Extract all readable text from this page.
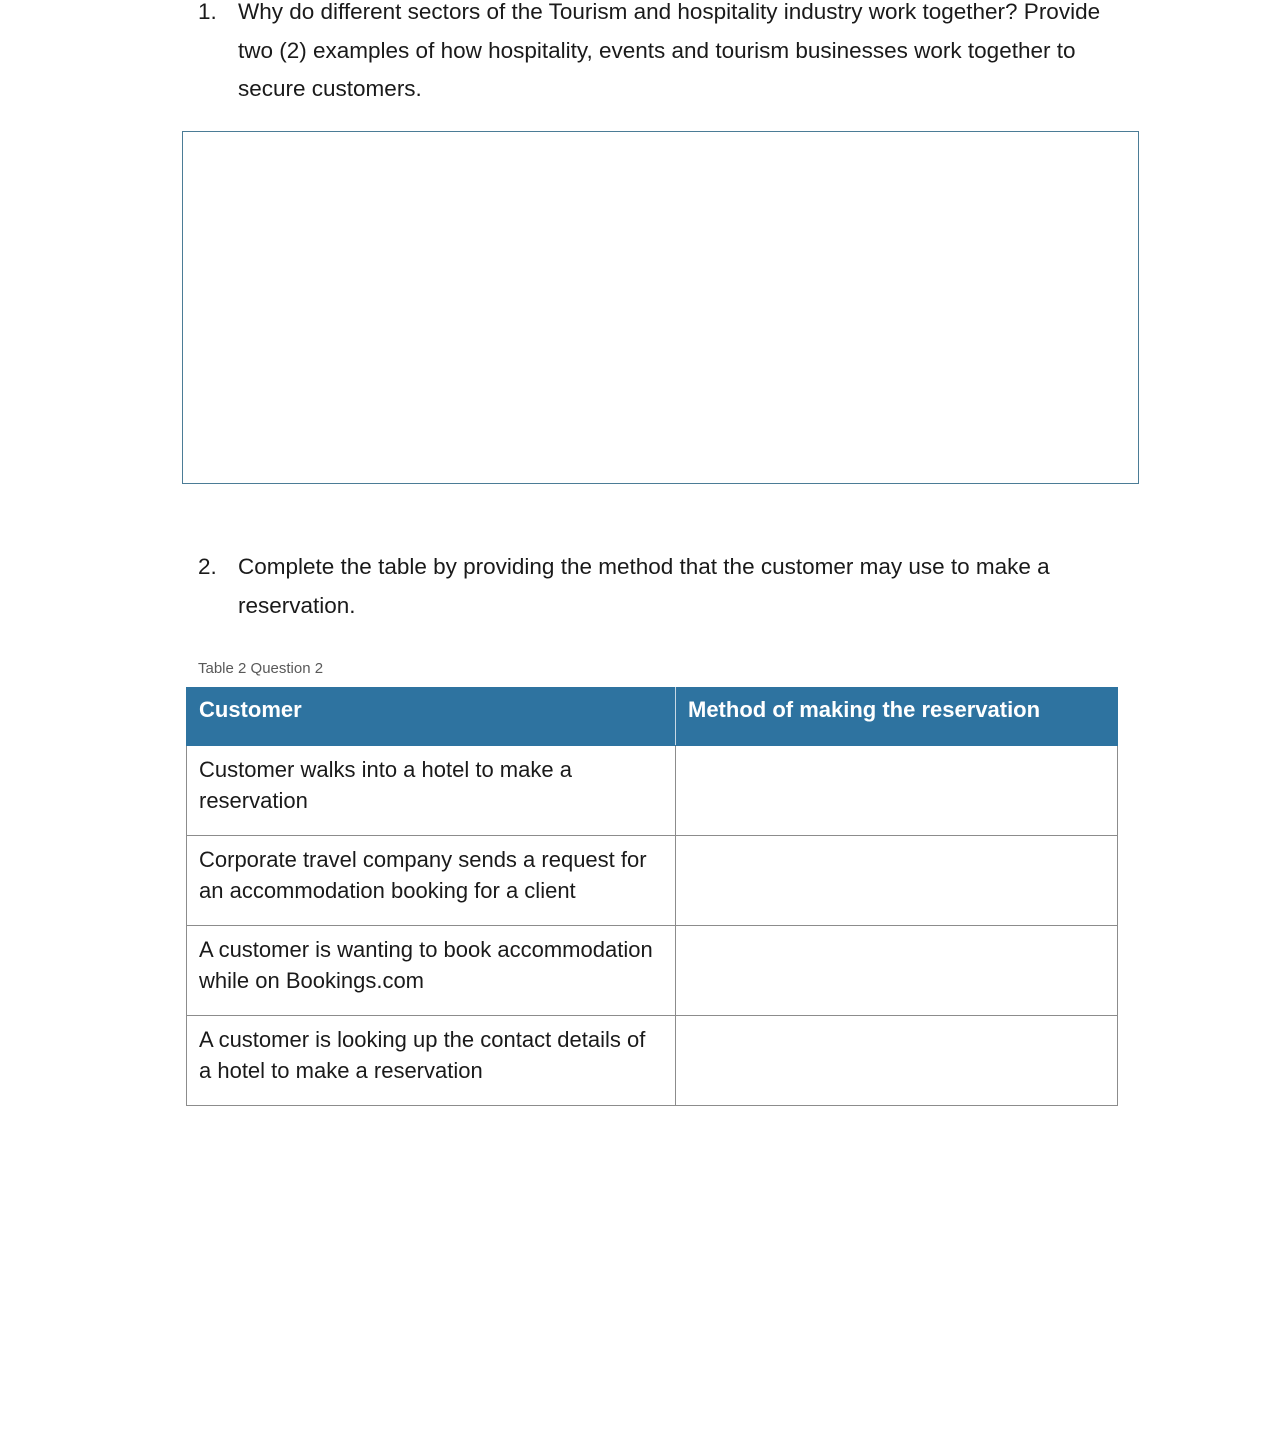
1. Why do different sectors of the Tourism and hospitality industry work together? Provide two (2) examples of how hospitality, events and tourism businesses work together to secure customers.
2. Complete the table by providing the method that the customer may use to make a reservation.
Table 2 Question 2
Customer	Method of making the reservation
Customer walks into a hotel to make a reservation	
Corporate travel company sends a request for an accommodation booking for a client	
A customer is wanting to book accommodation while on Bookings.com	
A customer is looking up the contact details of a hotel to make a reservation	
